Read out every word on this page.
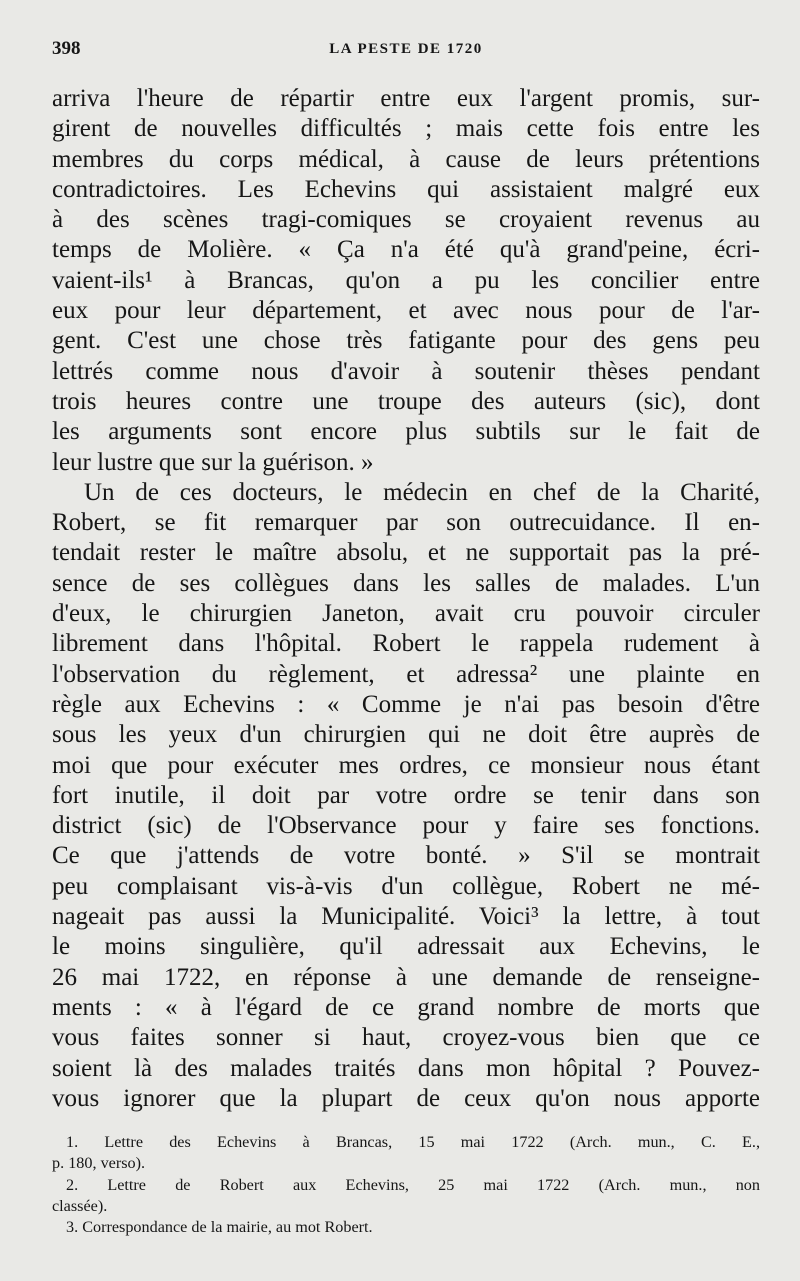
398	LA PESTE DE 1720
arriva l'heure de répartir entre eux l'argent promis, sur-
girent de nouvelles difficultés ; mais cette fois entre les
membres du corps médical, à cause de leurs prétentions
contradictoires. Les Echevins qui assistaient malgré eux
à des scènes tragi-comiques se croyaient revenus au
temps de Molière. « Ça n'a été qu'à grand'peine, écri-
vaient-ils¹ à Brancas, qu'on a pu les concilier entre
eux pour leur département, et avec nous pour de l'ar-
gent. C'est une chose très fatigante pour des gens peu
lettrés comme nous d'avoir à soutenir thèses pendant
trois heures contre une troupe des auteurs (sic), dont
les arguments sont encore plus subtils sur le fait de
leur lustre que sur la guérison. »
Un de ces docteurs, le médecin en chef de la Charité,
Robert, se fit remarquer par son outrecuidance. Il en-
tendait rester le maître absolu, et ne supportait pas la pré-
sence de ses collègues dans les salles de malades. L'un
d'eux, le chirurgien Janeton, avait cru pouvoir circuler
librement dans l'hôpital. Robert le rappela rudement à
l'observation du règlement, et adressa² une plainte en
règle aux Echevins : « Comme je n'ai pas besoin d'être
sous les yeux d'un chirurgien qui ne doit être auprès de
moi que pour exécuter mes ordres, ce monsieur nous étant
fort inutile, il doit par votre ordre se tenir dans son
district (sic) de l'Observance pour y faire ses fonctions.
Ce que j'attends de votre bonté. » S'il se montrait
peu complaisant vis-à-vis d'un collègue, Robert ne mé-
nageait pas aussi la Municipalité. Voici³ la lettre, à tout
le moins singulière, qu'il adressait aux Echevins, le
26 mai 1722, en réponse à une demande de renseigne-
ments : « à l'égard de ce grand nombre de morts que
vous faites sonner si haut, croyez-vous bien que ce
soient là des malades traités dans mon hôpital ? Pouvez-
vous ignorer que la plupart de ceux qu'on nous apporte
1. Lettre des Echevins à Brancas, 15 mai 1722 (Arch. mun., C. E.,
p. 180, verso).
2. Lettre de Robert aux Echevins, 25 mai 1722 (Arch. mun., non
classée).
3. Correspondance de la mairie, au mot Robert.
